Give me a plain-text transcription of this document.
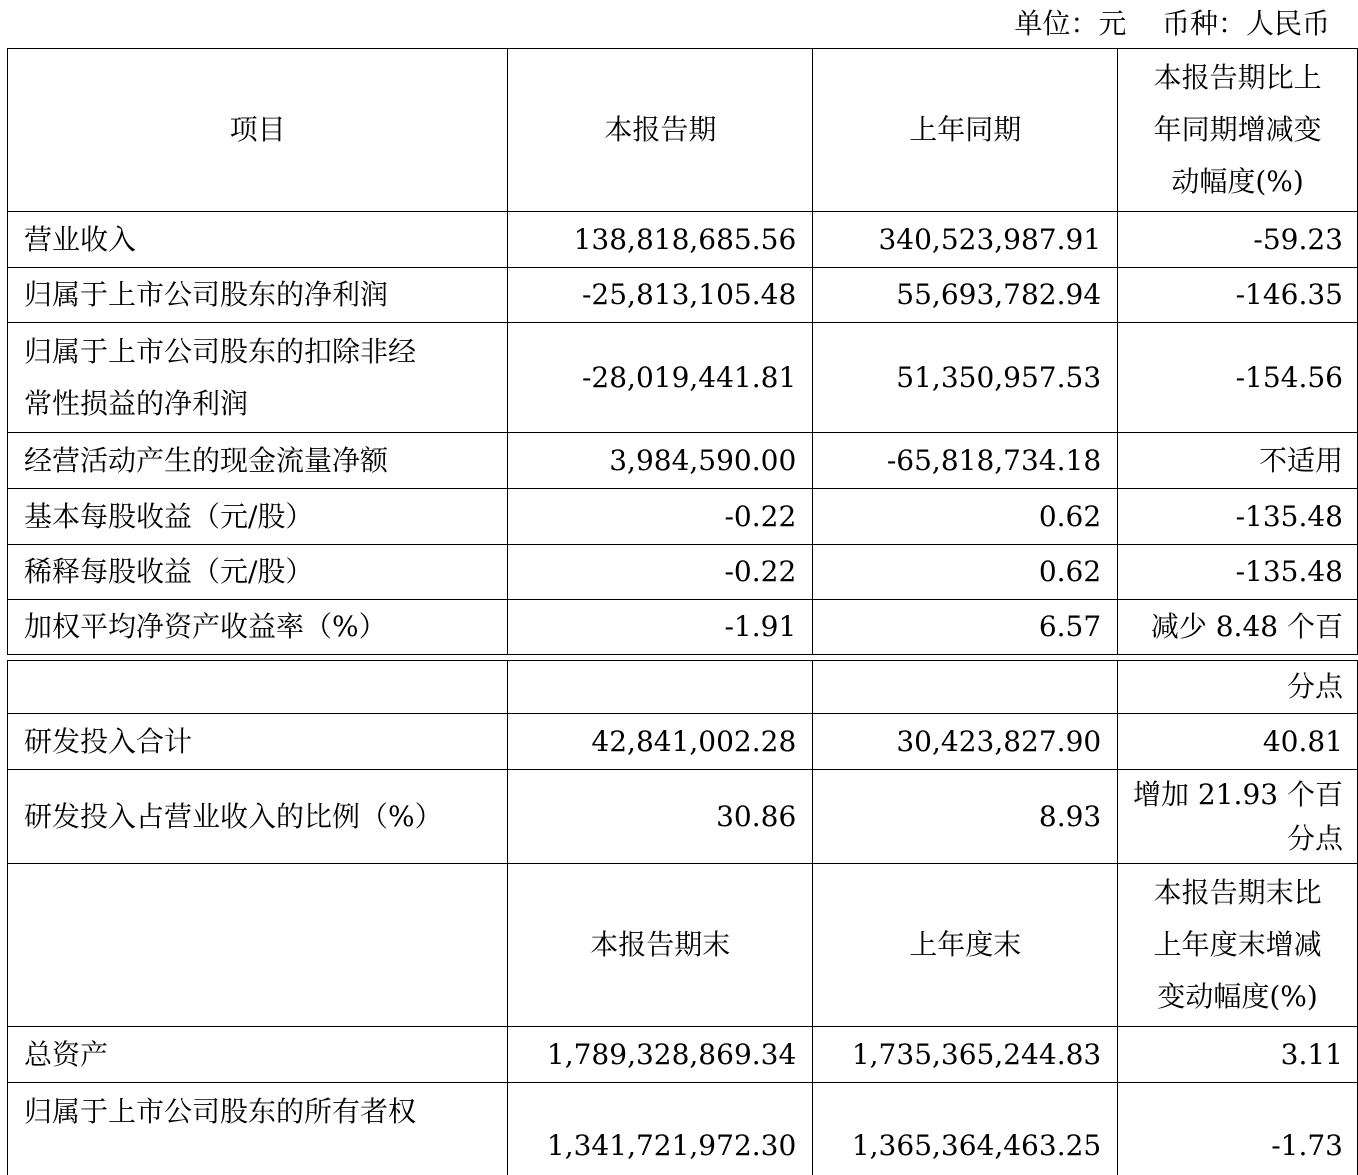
单位：元 币种：人民币
项目	本报告期	上年同期	本报告期比上
年同期增减变
动幅度(%)

营业收入	138,818,685.56	340,523,987.91	-59.23
归属于上市公司股东的净利润	-25,813,105.48	55,693,782.94	-146.35

归属于上市公司股东的扣除非经
常性损益的净利润	-28,019,441.81	51,350,957.53	-154.56
经营活动产生的现金流量净额	3,984,590.00	-65,818,734.18	不适用
基本每股收益（元/股）	-0.22	0.62	-135.48
稀释每股收益（元/股）	-0.22	0.62	-135.48
加权平均净资产收益率（%）	-1.91	6.57	减少 8.48 个百
			分点
研发投入合计	42,841,002.28	30,423,827.90	40.81
研发投入占营业收入的比例（%）	30.86	8.93	增加 21.93 个百
分点

	本报告期末	上年度末	本报告期末比
上年度末增减
变动幅度(%)

总资产	1,789,328,869.34	1,735,365,244.83	3.11
归属于上市公司股东的所有者权	1,341,721,972.30	1,365,364,463.25	-1.73
